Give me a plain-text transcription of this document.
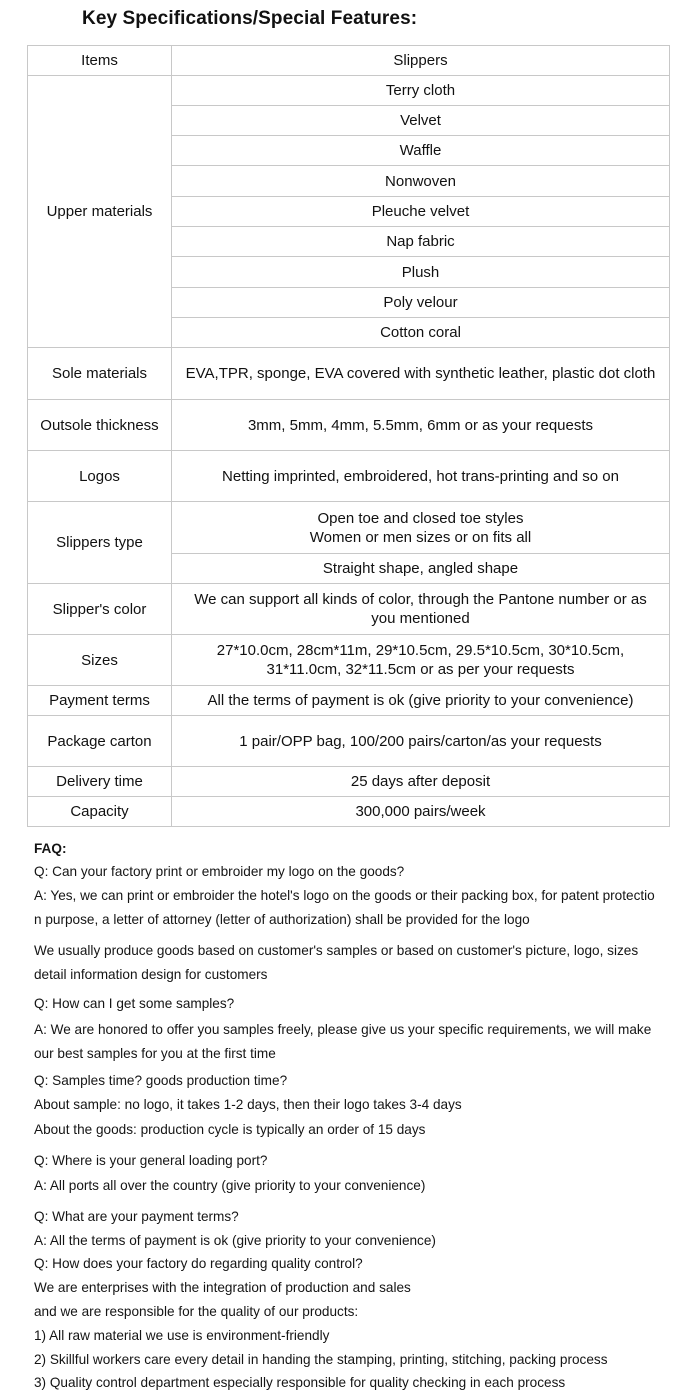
Key Specifications/Special Features:
Items	Slippers
Upper materials	Terry cloth
	Velvet
	Waffle
	Nonwoven
	Pleuche velvet
	Nap fabric
	Plush
	Poly velour
	Cotton coral
Sole materials	EVA,TPR, sponge, EVA covered with synthetic leather, plastic dot cloth
Outsole thickness	3mm, 5mm, 4mm, 5.5mm, 6mm or as your requests
Logos	Netting imprinted, embroidered, hot trans-printing and so on
Slippers type	Open toe and closed toe styles
Women or men sizes or on fits all

	Straight shape, angled shape
Slipper's color	We can support all kinds of color, through the Pantone number or as
you mentioned

Sizes	27*10.0cm, 28cm*11m, 29*10.5cm, 29.5*10.5cm, 30*10.5cm,
31*11.0cm, 32*11.5cm or as per your requests

Payment terms	All the terms of payment is ok (give priority to your convenience)
Package carton	1 pair/OPP bag, 100/200 pairs/carton/as your requests
Delivery time	25 days after deposit
Capacity	300,000 pairs/week
FAQ:
Q: Can your factory print or embroider my logo on the goods?
A: Yes, we can print or embroider the hotel's logo on the goods or their packing box, for patent protectio
n purpose, a letter of attorney (letter of authorization) shall be provided for the logo
We usually produce goods based on customer's samples or based on customer's picture, logo, sizes
detail information design for customers
Q: How can I get some samples?
A: We are honored to offer you samples freely, please give us your specific requirements, we will make
our best samples for you at the first time
Q: Samples time? goods production time?
About sample: no logo, it takes 1-2 days, then their logo takes 3-4 days
About the goods: production cycle is typically an order of 15 days
Q: Where is your general loading port?
A: All ports all over the country (give priority to your convenience)
Q: What are your payment terms?
A: All the terms of payment is ok (give priority to your convenience)
Q: How does your factory do regarding quality control?
We are enterprises with the integration of production and sales
and we are responsible for the quality of our products:
1) All raw material we use is environment-friendly
2) Skillful workers care every detail in handing the stamping, printing, stitching, packing process
3) Quality control department especially responsible for quality checking in each process
